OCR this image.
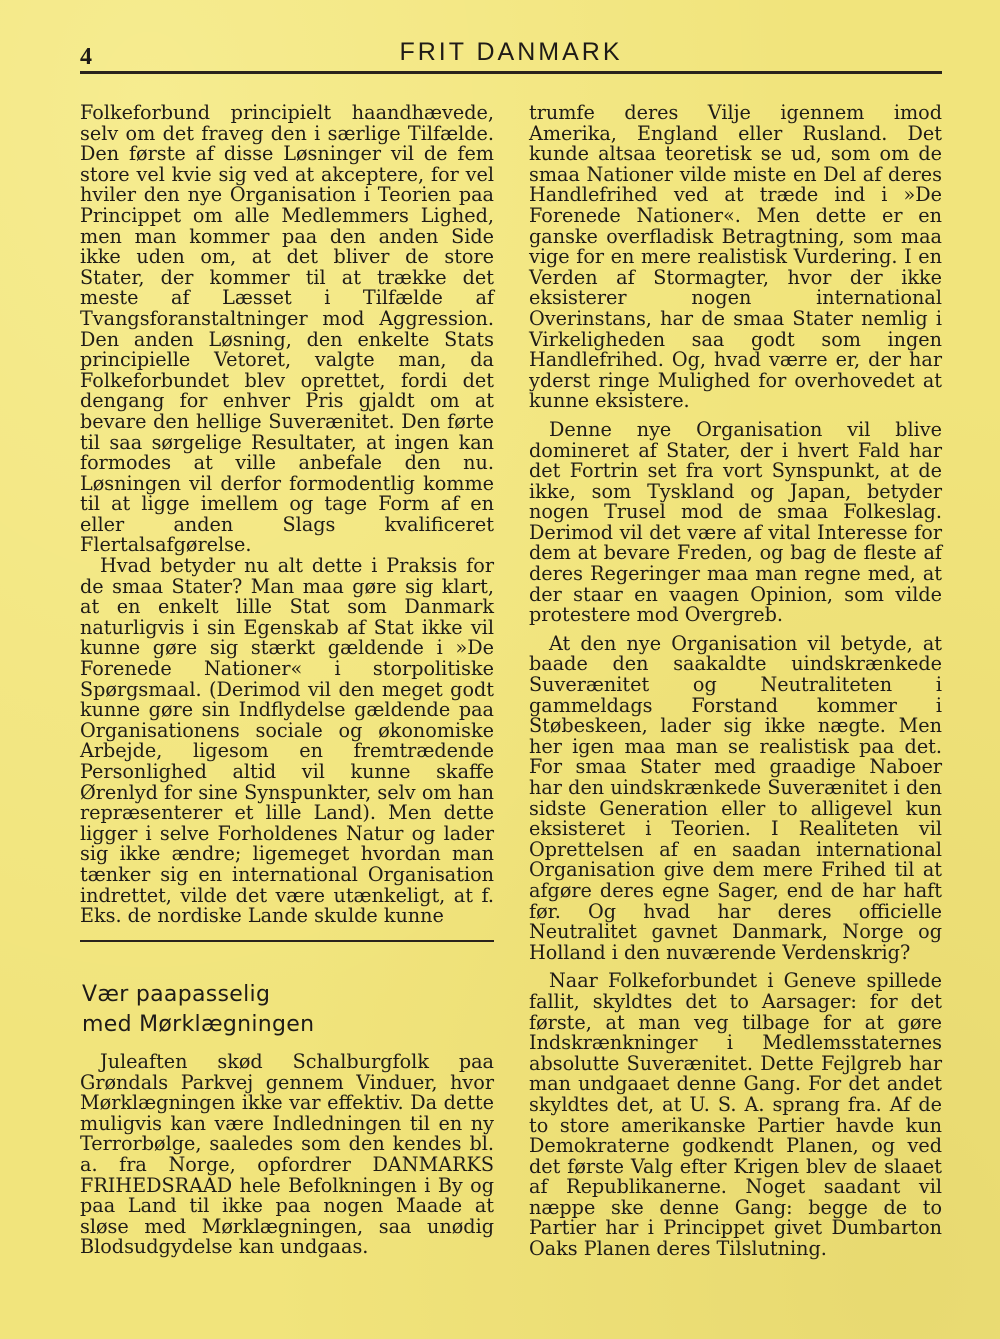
4	FRIT DANMARK

Folkeforbund principielt haandhævede, selv om det fraveg den i særlige Tilfælde. Den første af disse Løsninger vil de fem store vel kvie sig ved at akceptere, for vel hviler den nye Organisation i Teorien paa Princippet om alle Medlemmers Lighed, men man kommer paa den anden Side ikke uden om, at det bliver de store Stater, der kommer til at trække det meste af Læsset i Tilfælde af Tvangsforanstaltninger mod Aggression. Den anden Løsning, den enkelte Stats principielle Vetoret, valgte man, da Folkeforbundet blev oprettet, fordi det dengang for enhver Pris gjaldt om at bevare den hellige Suverænitet. Den førte til saa sørgelige Resultater, at ingen kan formodes at ville anbefale den nu. Løsningen vil derfor formodentlig komme til at ligge imellem og tage Form af en eller anden Slags kvalificeret Flertalsafgørelse.

Hvad betyder nu alt dette i Praksis for de smaa Stater? Man maa gøre sig klart, at en enkelt lille Stat som Danmark naturligvis i sin Egenskab af Stat ikke vil kunne gøre sig stærkt gældende i »De Forenede Nationer« i storpolitiske Spørgsmaal. (Derimod vil den meget godt kunne gøre sin Indflydelse gældende paa Organisationens sociale og økonomiske Arbejde, ligesom en fremtrædende Personlighed altid vil kunne skaffe Ørenlyd for sine Synspunkter, selv om han repræsenterer et lille Land). Men dette ligger i selve Forholdenes Natur og lader sig ikke ændre; ligemeget hvordan man tænker sig en international Organisation indrettet, vilde det være utænkeligt, at f. Eks. de nordiske Lande skulde kunne

Vær paapasselig
med Mørklægningen

Juleaften skød Schalburgfolk paa Grøndals Parkvej gennem Vinduer, hvor Mørklægningen ikke var effektiv. Da dette muligvis kan være Indledningen til en ny Terrorbølge, saaledes som den kendes bl. a. fra Norge, opfordrer DANMARKS FRIHEDSRAAD hele Befolkningen i By og paa Land til ikke paa nogen Maade at sløse med Mørklægningen, saa unødig Blodsudgydelse kan undgaas.

trumfe deres Vilje igennem imod Amerika, England eller Rusland. Det kunde altsaa teoretisk se ud, som om de smaa Nationer vilde miste en Del af deres Handlefrihed ved at træde ind i »De Forenede Nationer«. Men dette er en ganske overfladisk Betragtning, som maa vige for en mere realistisk Vurdering. I en Verden af Stormagter, hvor der ikke eksisterer nogen international Overinstans, har de smaa Stater nemlig i Virkeligheden saa godt som ingen Handlefrihed. Og, hvad værre er, der har yderst ringe Mulighed for overhovedet at kunne eksistere.

Denne nye Organisation vil blive domineret af Stater, der i hvert Fald har det Fortrin set fra vort Synspunkt, at de ikke, som Tyskland og Japan, betyder nogen Trusel mod de smaa Folkeslag. Derimod vil det være af vital Interesse for dem at bevare Freden, og bag de fleste af deres Regeringer maa man regne med, at der staar en vaagen Opinion, som vilde protestere mod Overgreb.

At den nye Organisation vil betyde, at baade den saakaldte uindskrænkede Suverænitet og Neutraliteten i gammeldags Forstand kommer i Støbeskeen, lader sig ikke nægte. Men her igen maa man se realistisk paa det. For smaa Stater med graadige Naboer har den uindskrænkede Suverænitet i den sidste Generation eller to alligevel kun eksisteret i Teorien. I Realiteten vil Oprettelsen af en saadan international Organisation give dem mere Frihed til at afgøre deres egne Sager, end de har haft før. Og hvad har deres officielle Neutralitet gavnet Danmark, Norge og Holland i den nuværende Verdenskrig?

Naar Folkeforbundet i Geneve spillede fallit, skyldtes det to Aarsager: for det første, at man veg tilbage for at gøre Indskrænkninger i Medlemsstaternes absolutte Suverænitet. Dette Fejlgreb har man undgaaet denne Gang. For det andet skyldtes det, at U. S. A. sprang fra. Af de to store amerikanske Partier havde kun Demokraterne godkendt Planen, og ved det første Valg efter Krigen blev de slaaet af Republikanerne. Noget saadant vil næppe ske denne Gang: begge de to Partier har i Princippet givet Dumbarton Oaks Planen deres Tilslutning.
